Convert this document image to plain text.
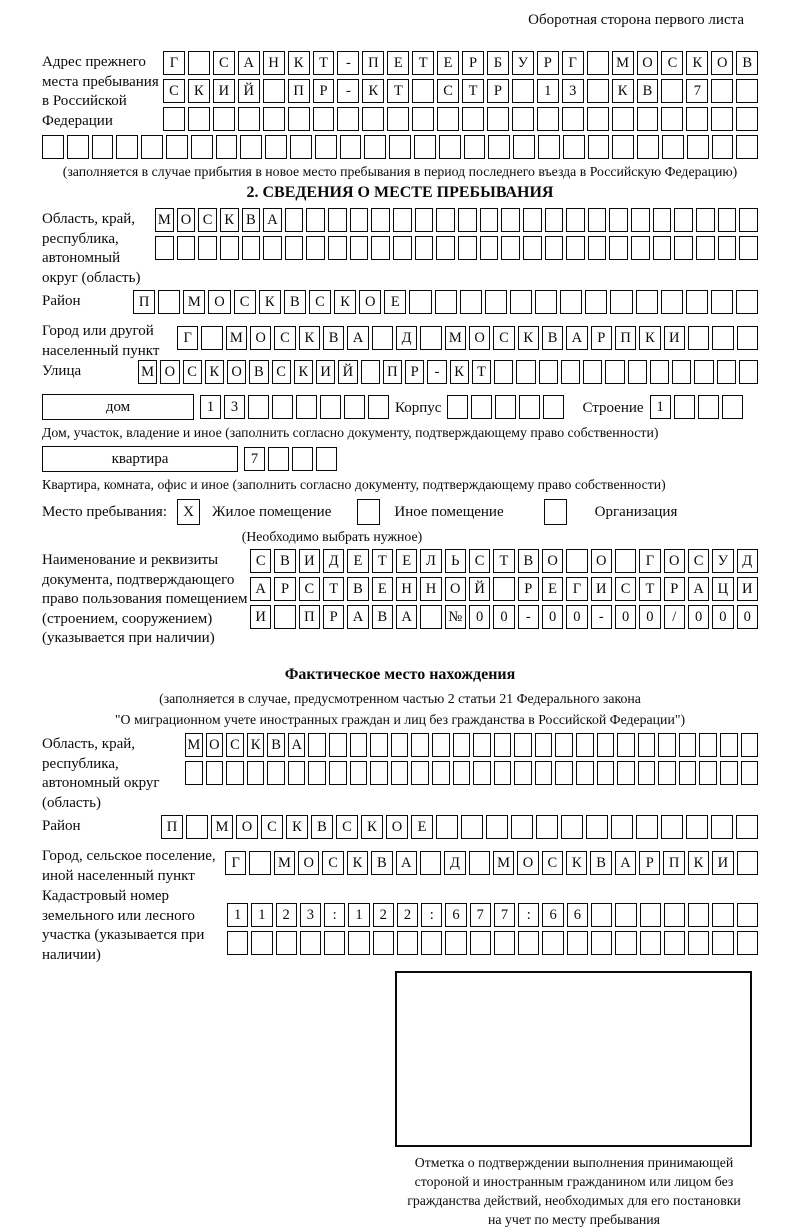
Оборотная сторона первого листа
Адрес прежнего места пребывания в Российской Федерации
Г	С	А Н	К	Т	-	П	Е	Т	Е	Р	Б	У	Р	Г	М О	С	К	О	В
С	К	И Й	П	Р	-	К	Т	С	Т	Р	1	3	К	В	7
(заполняется в случае прибытия в новое место пребывания в период последнего въезда в Российскую Федерацию)
2. СВЕДЕНИЯ О МЕСТЕ ПРЕБЫВАНИЯ
Область, край, республика, автономный округ (область)
М О С К В А
Район	П	М О	С	К	В	С	К	О	Е
Город или другой населенный пункт
Г	М О С	К	В А	Д	М О С	К	В А	Р	П К И
Улица	М О С К О В С К И Й	П Р	-	К Т
дом	1	3	Корпус	Строение 1
Дом, участок, владение и иное (заполнить согласно документу, подтверждающему право собственности)
квартира	7
Квартира, комната, офис и иное (заполнить согласно документу, подтверждающему право собственности)
Место пребывания:	X	Жилое помещение	Иное помещение	Организация
(Необходимо выбрать нужное)
Наименование и реквизиты документа, подтверждающего право пользования помещением (строением, сооружением) (указывается при наличии)
С	В И Д	Е	Т	Е	Л	Ь	С	Т	В О	О	Г	О С У Д
А	Р	С	Т	В	Е	Н Н О Й	Р	Е	Г	И С	Т	Р	А Ц И
И	П	Р	А В А	№ 0	0	-	0	0	-	0	0	/	0	0	0
Фактическое место нахождения
(заполняется в случае, предусмотренном частью 2 статьи 21 Федерального закона
"О миграционном учете иностранных граждан и лиц без гражданства в Российской Федерации")
Область, край, республика, автономный округ (область)
М О С К В А
Район	П	М О	С	К	В	С	К	О	Е
Город, сельское поселение, иной населенный пункт
Г	М О С	К	В А	Д	М О С	К	В А	Р	П К И
Кадастровый номер земельного или лесного участка (указывается при наличии)
1	1	2	3	:	1	2	2	:	6	7	7	:	6	6
Отметка о подтверждении выполнения принимающей
стороной и иностранным гражданином или лицом без
гражданства действий, необходимых для его постановки
на учет по месту пребывания
